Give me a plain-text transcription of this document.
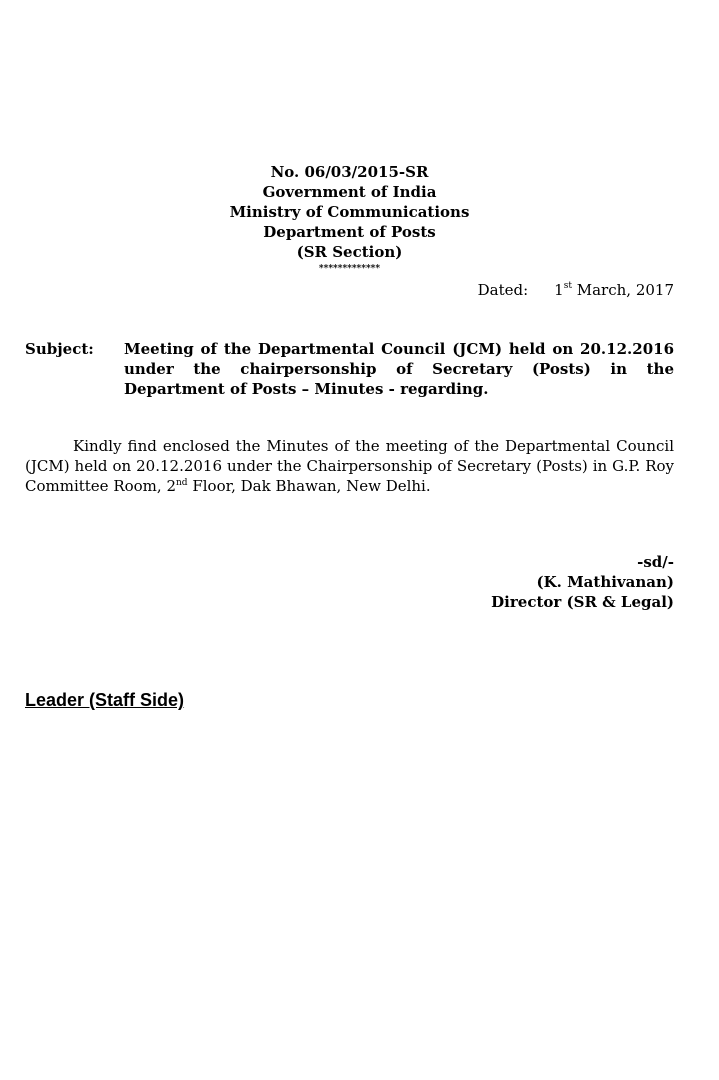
No. 06/03/2015-SR
Government of India
Ministry of Communications
Department of Posts
(SR Section)
*************
Dated: 1st March, 2017
Subject: Meeting of the Departmental Council (JCM) held on 20.12.2016 under the chairpersonship of Secretary (Posts) in the Department of Posts – Minutes - regarding.
Kindly find enclosed the Minutes of the meeting of the Departmental Council (JCM) held on 20.12.2016 under the Chairpersonship of Secretary (Posts) in G.P. Roy Committee Room, 2nd Floor, Dak Bhawan, New Delhi.
-sd/-
(K. Mathivanan)
Director (SR & Legal)
Leader (Staff Side)
